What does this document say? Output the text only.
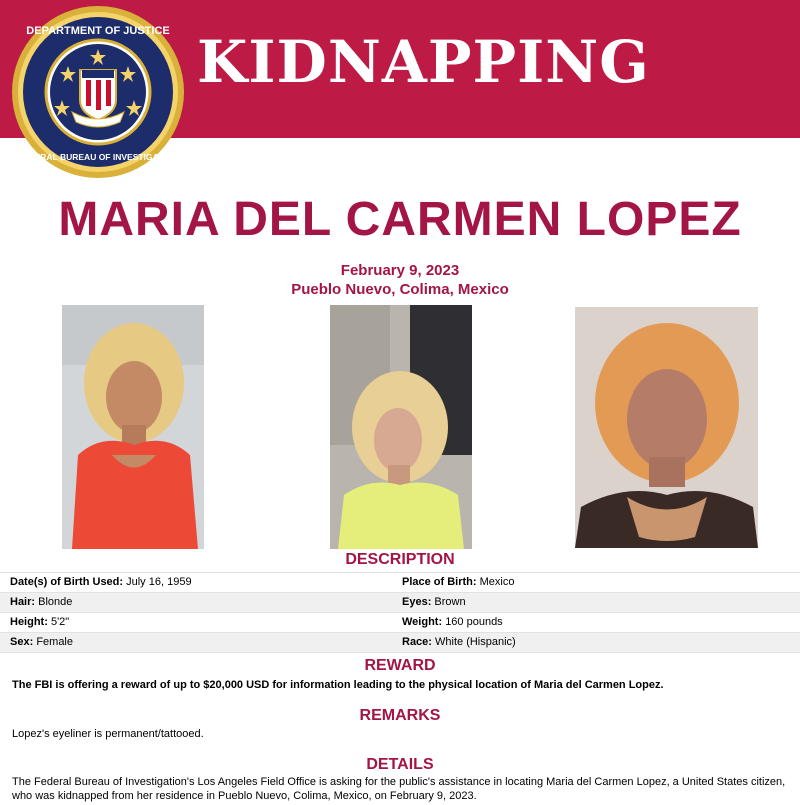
KIDNAPPING
DEPARTMENT OF JUSTICE
FEDERAL BUREAU OF INVESTIGATION
MARIA DEL CARMEN LOPEZ
February 9, 2023
Pueblo Nuevo, Colima, Mexico
DESCRIPTION
Date(s) of Birth Used: July 16, 1959	Place of Birth: Mexico
Hair: Blonde	Eyes: Brown
Height: 5'2"	Weight: 160 pounds
Sex: Female	Race: White (Hispanic)
REWARD
The FBI is offering a reward of up to $20,000 USD for information leading to the physical location of Maria del Carmen Lopez.
REMARKS
Lopez's eyeliner is permanent/tattooed.
DETAILS
The Federal Bureau of Investigation's Los Angeles Field Office is asking for the public's assistance in locating Maria del Carmen Lopez, a United States citizen, who was kidnapped from her residence in Pueblo Nuevo, Colima, Mexico, on February 9, 2023.
